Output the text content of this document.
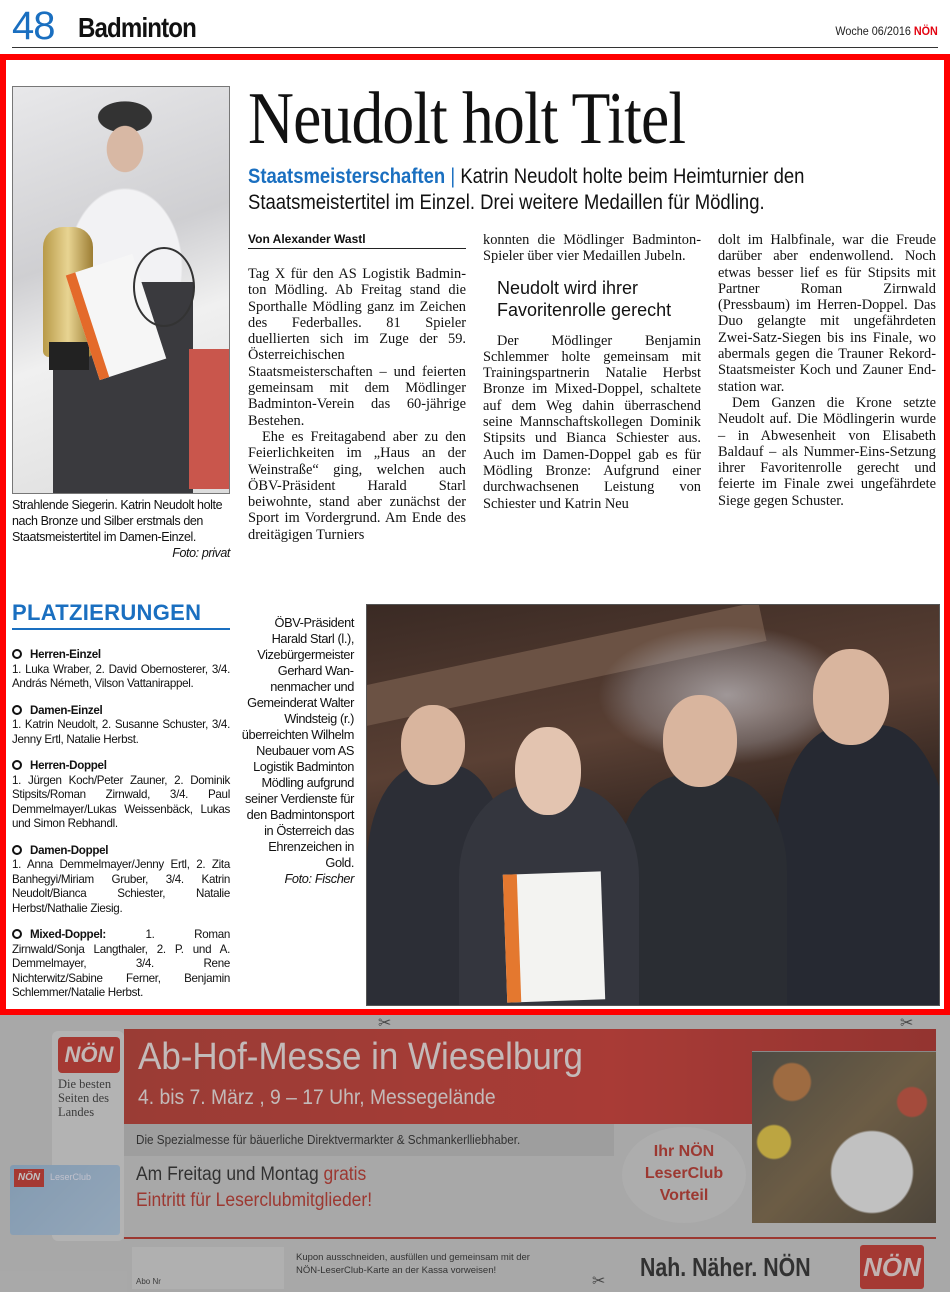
48 Badminton	Woche 06/2016 NÖN
Strahlende Siegerin. Katrin Neudolt holte nach Bronze und Silber erstmals den Staatsmeistertitel im Damen-Einzel.
Foto: privat
Neudolt holt Titel
Staatsmeisterschaften | Katrin Neudolt holte beim Heimturnier den Staatsmeistertitel im Einzel. Drei weitere Medaillen für Mödling.
Von Alexander Wastl

Tag X für den AS Logistik Badminton Mödling. Ab Freitag stand die Sporthalle Mödling ganz im Zeichen des Federballes. 81 Spieler duellierten sich im Zuge der 59. Österreichischen Staatsmeisterschaften – und feierten gemeinsam mit dem Mödlinger Badminton-Verein das 60-jährige Bestehen.

Ehe es Freitagabend aber zu den Feierlichkeiten im „Haus an der Weinstraße“ ging, welchen auch ÖBV-Präsident Harald Starl beiwohnte, stand aber zunächst der Sport im Vordergrund. Am Ende des dreitägigen Turniers

konnten die Mödlinger Badminton-Spieler über vier Medaillen Jubeln.

Neudolt wird ihrer Favoritenrolle gerecht

Der Mödlinger Benjamin Schlemmer holte gemeinsam mit Trainingspartnerin Natalie Herbst Bronze im Mixed-Doppel, schaltete auf dem Weg dahin überraschend seine Mannschaftskollegen Dominik Stipsits und Bianca Schiester aus. Auch im Damen-Doppel gab es für Mödling Bronze: Aufgrund einer durchwachsenen Leistung von Schiester und Katrin Neu

dolt im Halbfinale, war die Freude darüber aber endenwollend. Noch etwas besser lief es für Stipsits mit Partner Roman Zirnwald (Pressbaum) im Herren-Doppel. Das Duo gelangte mit ungefährdeten Zwei-Satz-Siegen bis ins Finale, wo abermals gegen die Trauner Rekord-Staatsmeister Koch und Zauner Endstation war.

Dem Ganzen die Krone setzte Neudolt auf. Die Mödlingerin wurde – in Abwesenheit von Elisabeth Baldauf – als Nummer-Eins-Setzung ihrer Favoritenrolle gerecht und feierte im Finale zwei ungefährdete Siege gegen Schuster.

PLATZIERUNGEN
Herren-Einzel
1. Luka Wraber, 2. David Obernosterer, 3/4. András Németh, Vilson Vattanirappel.
Damen-Einzel
1. Katrin Neudolt, 2. Susanne Schuster, 3/4. Jenny Ertl, Natalie Herbst.
Herren-Doppel
1. Jürgen Koch/Peter Zauner, 2. Dominik Stipsits/Roman Zirnwald, 3/4. Paul Demmelmayer/Lukas Weissenbäck, Lukas und Simon Rebhandl.
Damen-Doppel
1. Anna Demmelmayer/Jenny Ertl, 2. Zita Banhegyi/Miriam Gruber, 3/4. Katrin Neudolt/Bianca Schiester, Natalie Herbst/Nathalie Ziesig.
Mixed-Doppel:	1. Roman Zirnwald/Sonja Langthaler, 2. P. und A. Demmelmayer, 3/4. Rene Nichterwitz/Sabine Ferner, Benjamin Schlemmer/Natalie Herbst.
ÖBV-Präsident Harald Starl (l.), Vizebürgermeister Gerhard Wannenmacher und Gemeinderat Walter Windsteig (r.) überreichten Wilhelm Neubauer vom AS Logistik Badminton Mödling aufgrund seiner Verdienste für den Badmintonsport in Österreich das Ehrenzeichen in Gold.
Foto: Fischer
NÖN
Die besten Seiten des Landes
NÖN	LeserClub
Ab-Hof-Messe in Wieselburg
4. bis 7. März , 9 – 17 Uhr, Messegelände
✂	✂
Die Spezialmesse für bäuerliche Direktvermarkter & Schmankerlliebhaber.
Am Freitag und Montag gratis
Eintritt für Leserclubmitglieder!
Ihr NÖN LeserClub Vorteil
Abo Nr
Kupon ausschneiden, ausfüllen und gemeinsam mit der
NÖN-LeserClub-Karte an der Kassa vorweisen!
✂ Nah. Näher. NÖN NÖN
